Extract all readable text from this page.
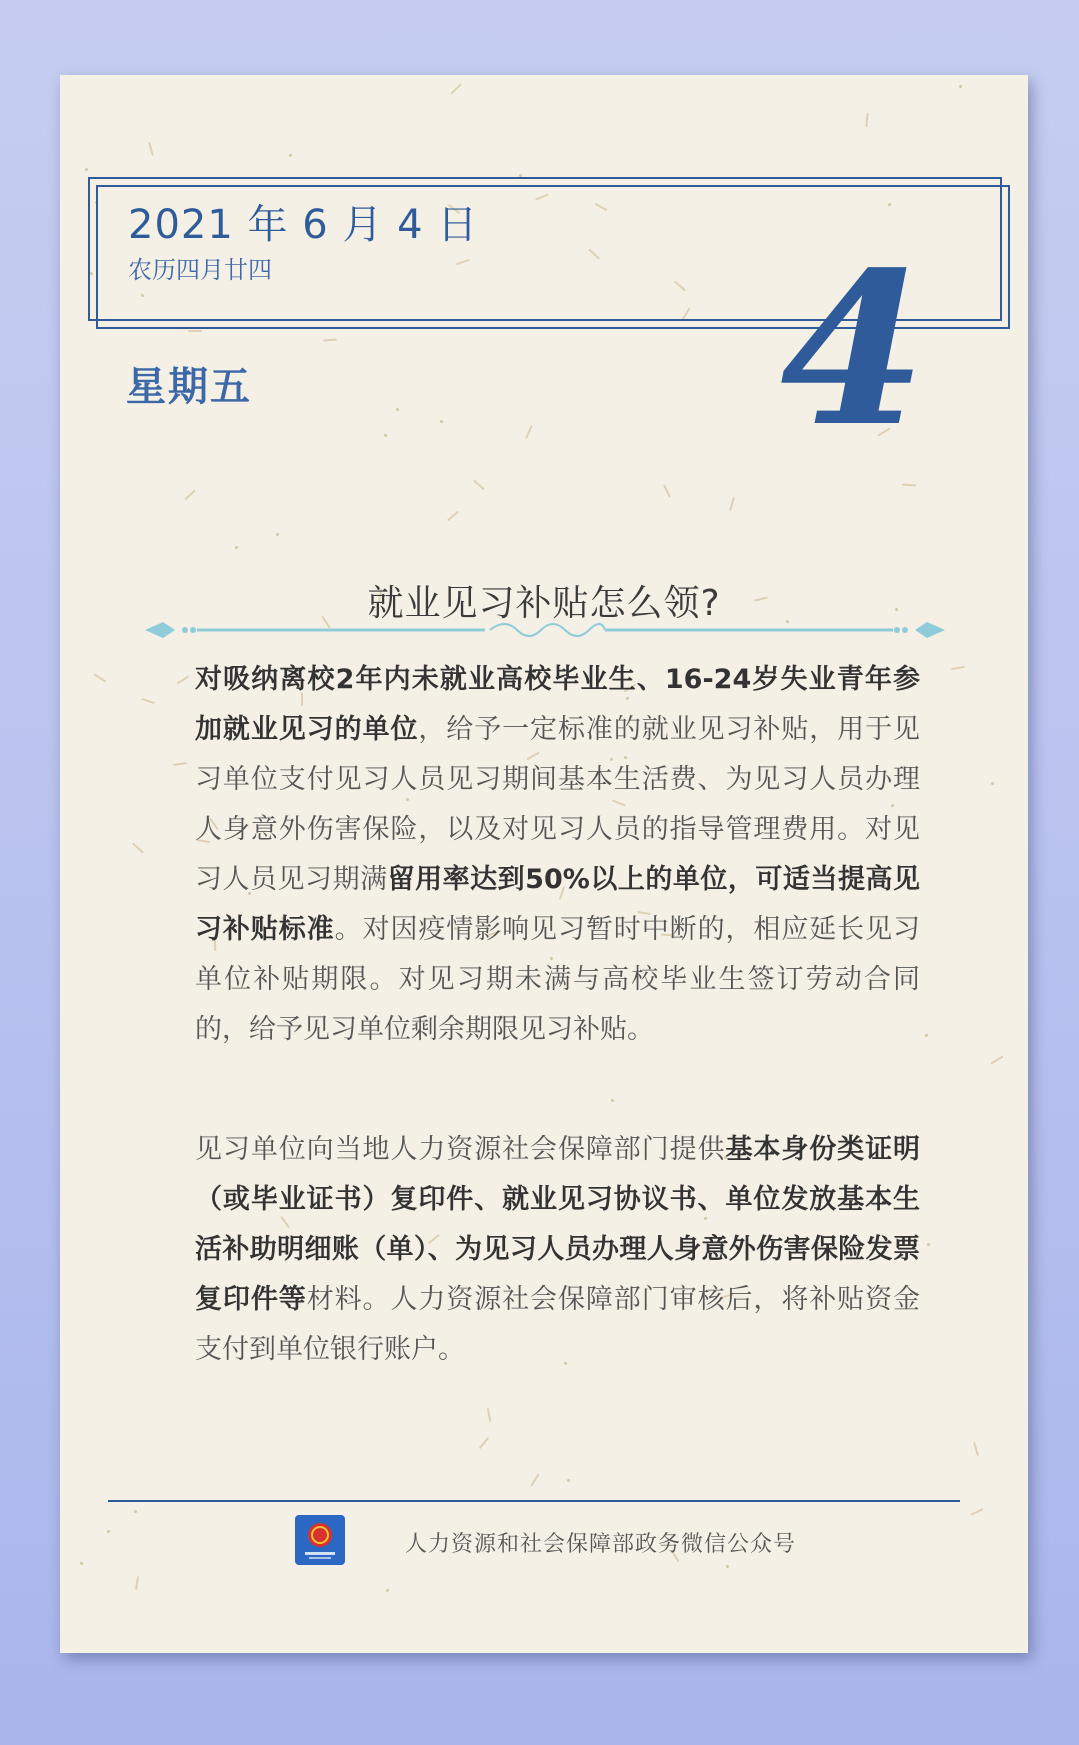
2021 年 6 月 4 日
农历四月廿四
星期五	4
就业见习补贴怎么领?
对吸纳离校2年内未就业高校毕业生、16-24岁失业青年参加就业见习的单位，给予一定标准的就业见习补贴，用于见习单位支付见习人员见习期间基本生活费、为见习人员办理人身意外伤害保险，以及对见习人员的指导管理费用。对见习人员见习期满留用率达到50%以上的单位，可适当提高见习补贴标准。对因疫情影响见习暂时中断的，相应延长见习单位补贴期限。对见习期未满与高校毕业生签订劳动合同的，给予见习单位剩余期限见习补贴。
见习单位向当地人力资源社会保障部门提供基本身份类证明（或毕业证书）复印件、就业见习协议书、单位发放基本生活补助明细账（单）、为见习人员办理人身意外伤害保险发票复印件等材料。人力资源社会保障部门审核后，将补贴资金支付到单位银行账户。
人力资源和社会保障部政务微信公众号
